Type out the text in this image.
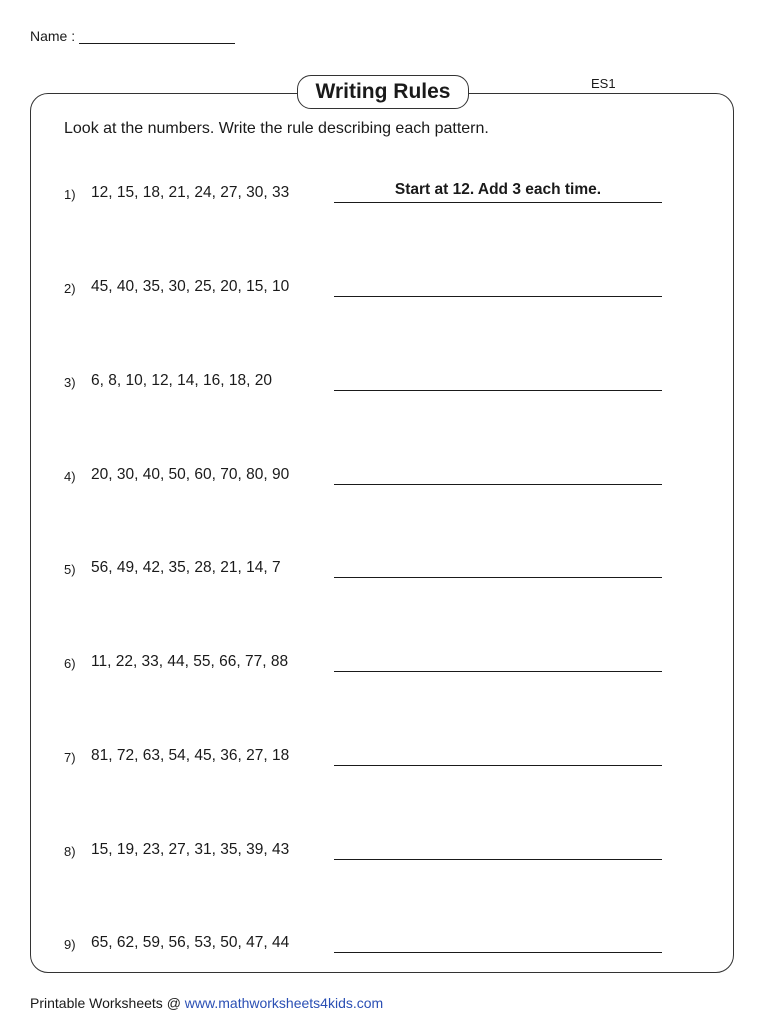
Name :
ES1
Writing Rules
Look at the numbers. Write the rule describing each pattern.
1) 12, 15, 18, 21, 24, 27, 30, 33	Start at 12. Add 3 each time.
2) 45, 40, 35, 30, 25, 20, 15, 10
3) 6, 8, 10, 12, 14, 16, 18, 20
4) 20, 30, 40, 50, 60, 70, 80, 90
5) 56, 49, 42, 35, 28, 21, 14, 7
6) 11, 22, 33, 44, 55, 66, 77, 88
7) 81, 72, 63, 54, 45, 36, 27, 18
8) 15, 19, 23, 27, 31, 35, 39, 43
9) 65, 62, 59, 56, 53, 50, 47, 44
Printable Worksheets @ www.mathworksheets4kids.com
